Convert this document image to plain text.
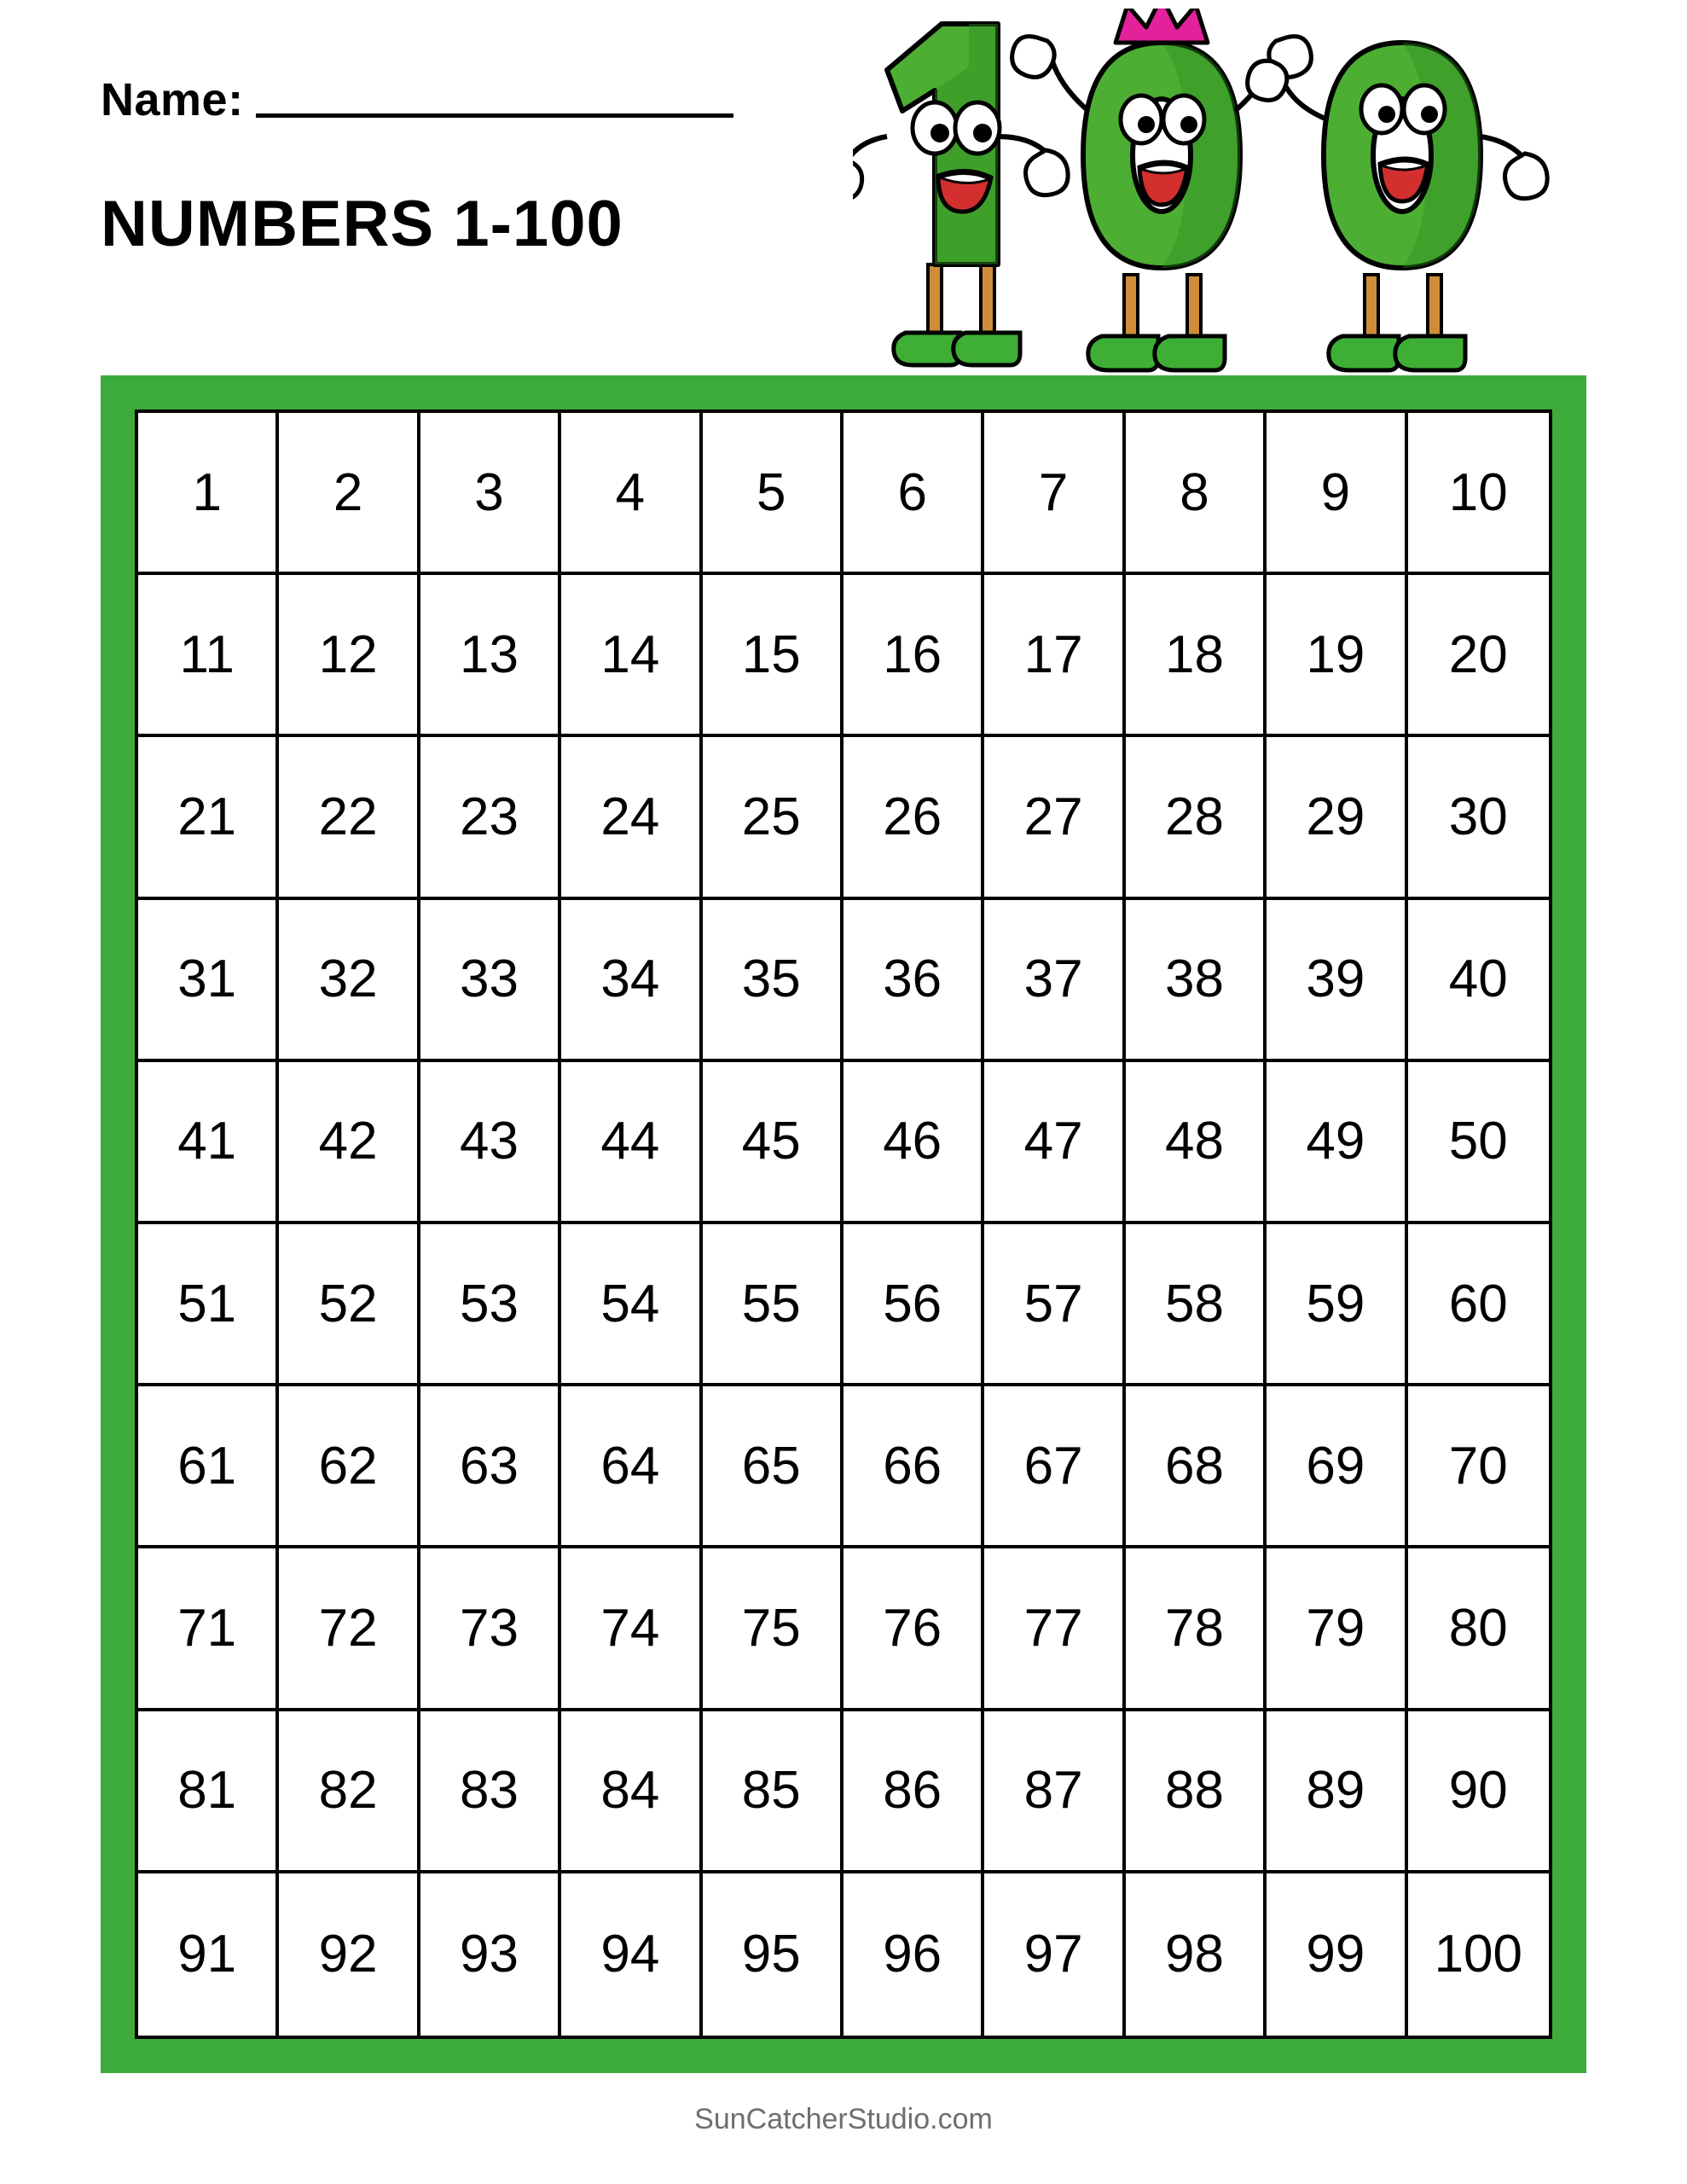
Name:
NUMBERS 1-100
1	2	3	4	5	6	7	8	9	10
11	12	13	14	15	16	17	18	19	20
21	22	23	24	25	26	27	28	29	30
31	32	33	34	35	36	37	38	39	40
41	42	43	44	45	46	47	48	49	50
51	52	53	54	55	56	57	58	59	60
61	62	63	64	65	66	67	68	69	70
71	72	73	74	75	76	77	78	79	80
81	82	83	84	85	86	87	88	89	90
91	92	93	94	95	96	97	98	99	100
SunCatcherStudio.com
